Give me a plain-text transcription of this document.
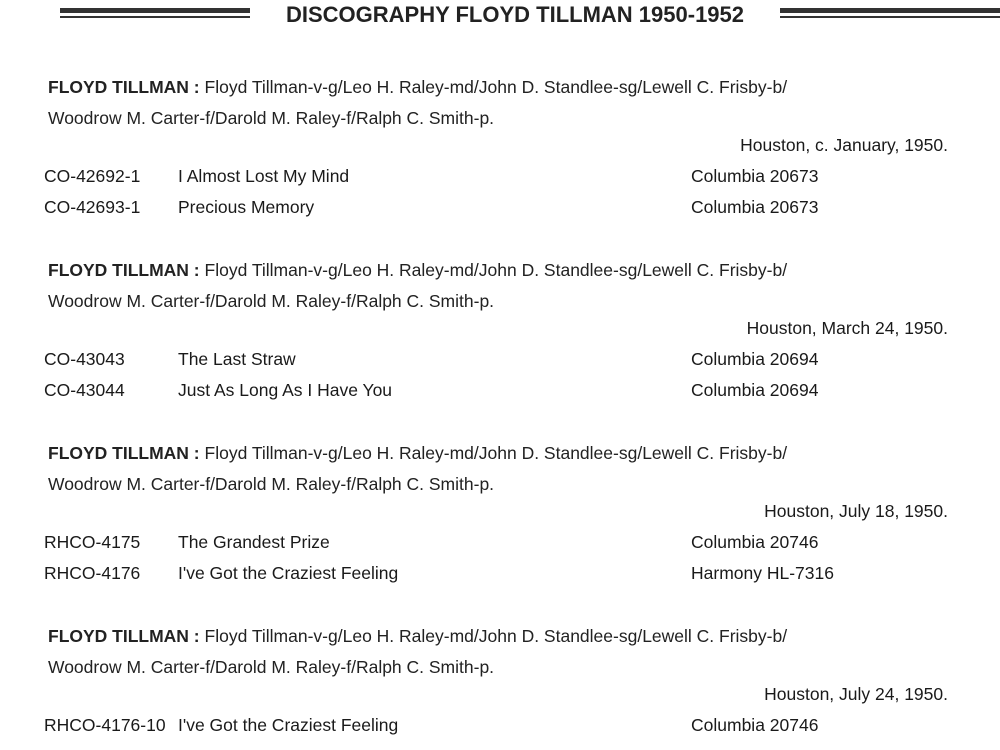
DISCOGRAPHY FLOYD TILLMAN 1950-1952
FLOYD TILLMAN : Floyd Tillman-v-g/Leo H. Raley-md/John D. Standlee-sg/Lewell C. Frisby-b/
Woodrow M. Carter-f/Darold M. Raley-f/Ralph C. Smith-p.
Houston, c. January, 1950.
CO-42692-1 I Almost Lost My Mind	Columbia 20673
CO-42693-1 Precious Memory	Columbia 20673
FLOYD TILLMAN : Floyd Tillman-v-g/Leo H. Raley-md/John D. Standlee-sg/Lewell C. Frisby-b/
Woodrow M. Carter-f/Darold M. Raley-f/Ralph C. Smith-p.
Houston, March 24, 1950.
CO-43043	The Last Straw	Columbia 20694
CO-43044	Just As Long As I Have You	Columbia 20694
FLOYD TILLMAN : Floyd Tillman-v-g/Leo H. Raley-md/John D. Standlee-sg/Lewell C. Frisby-b/
Woodrow M. Carter-f/Darold M. Raley-f/Ralph C. Smith-p.
Houston, July 18, 1950.
RHCO-4175 The Grandest Prize	Columbia 20746
RHCO-4176 I've Got the Craziest Feeling	Harmony HL-7316
FLOYD TILLMAN : Floyd Tillman-v-g/Leo H. Raley-md/John D. Standlee-sg/Lewell C. Frisby-b/
Woodrow M. Carter-f/Darold M. Raley-f/Ralph C. Smith-p.
Houston, July 24, 1950.
RHCO-4176-10 I've Got the Craziest Feeling	Columbia 20746
